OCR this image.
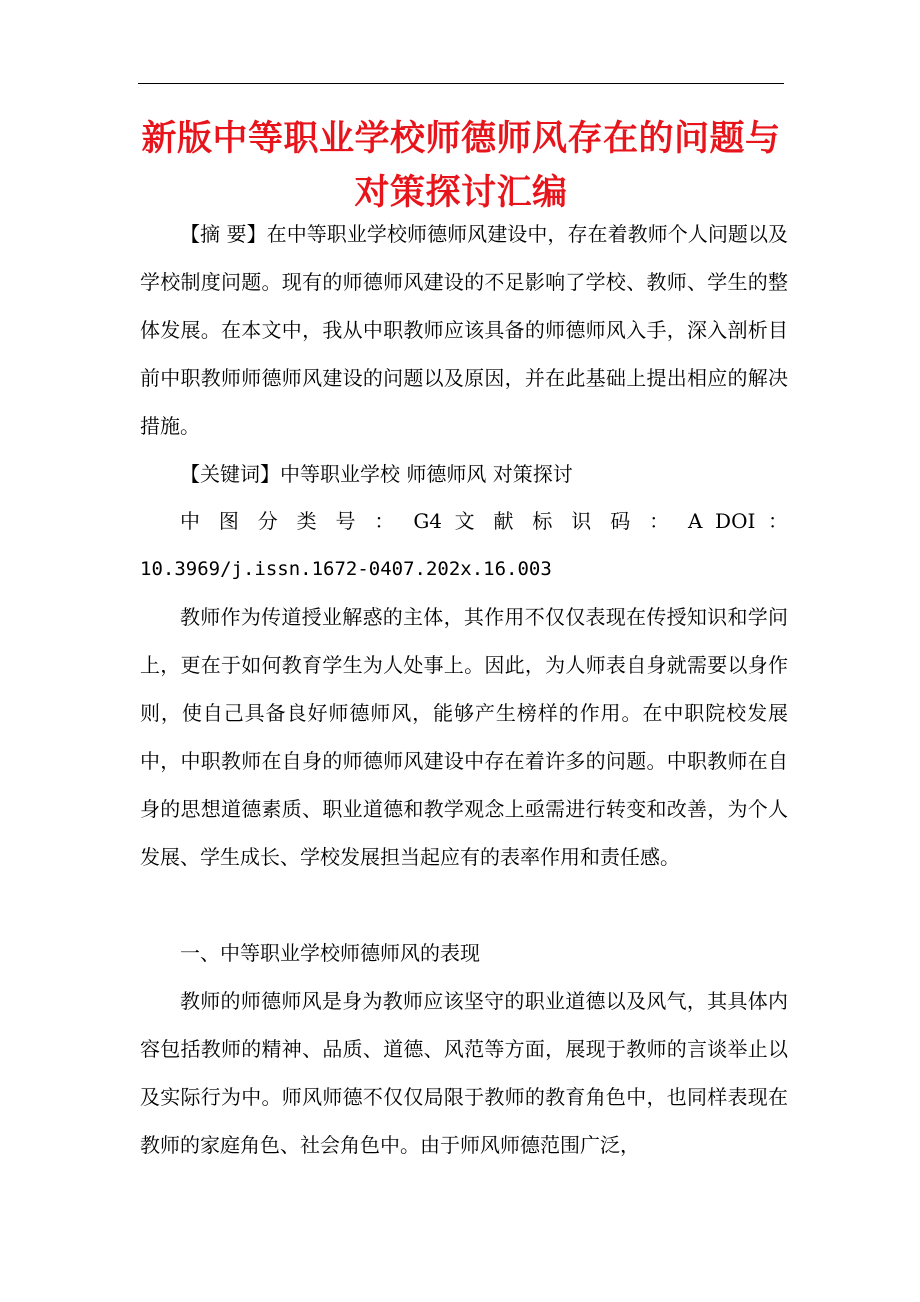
新版中等职业学校师德师风存在的问题与
对策探讨汇编

【摘 要】在中等职业学校师德师风建设中，存在着教师个人问题以及学校制度问题。现有的师德师风建设的不足影响了学校、教师、学生的整体发展。在本文中，我从中职教师应该具备的师德师风入手，深入剖析目前中职教师师德师风建设的问题以及原因，并在此基础上提出相应的解决措施。

【关键词】中等职业学校 师德师风 对策探讨

中 图 分 类 号 ： G4 文 献 标 识 码 ： A DOI ：
10.3969/j.issn.1672-0407.202x.16.003

教师作为传道授业解惑的主体，其作用不仅仅表现在传授知识和学问上，更在于如何教育学生为人处事上。因此，为人师表自身就需要以身作则，使自己具备良好师德师风，能够产生榜样的作用。在中职院校发展中，中职教师在自身的师德师风建设中存在着许多的问题。中职教师在自身的思想道德素质、职业道德和教学观念上亟需进行转变和改善，为个人发展、学生成长、学校发展担当起应有的表率作用和责任感。

一、中等职业学校师德师风的表现

教师的师德师风是身为教师应该坚守的职业道德以及风气，其具体内容包括教师的精神、品质、道德、风范等方面，展现于教师的言谈举止以及实际行为中。师风师德不仅仅局限于教师的教育角色中，也同样表现在教师的家庭角色、社会角色中。由于师风师德范围广泛，
